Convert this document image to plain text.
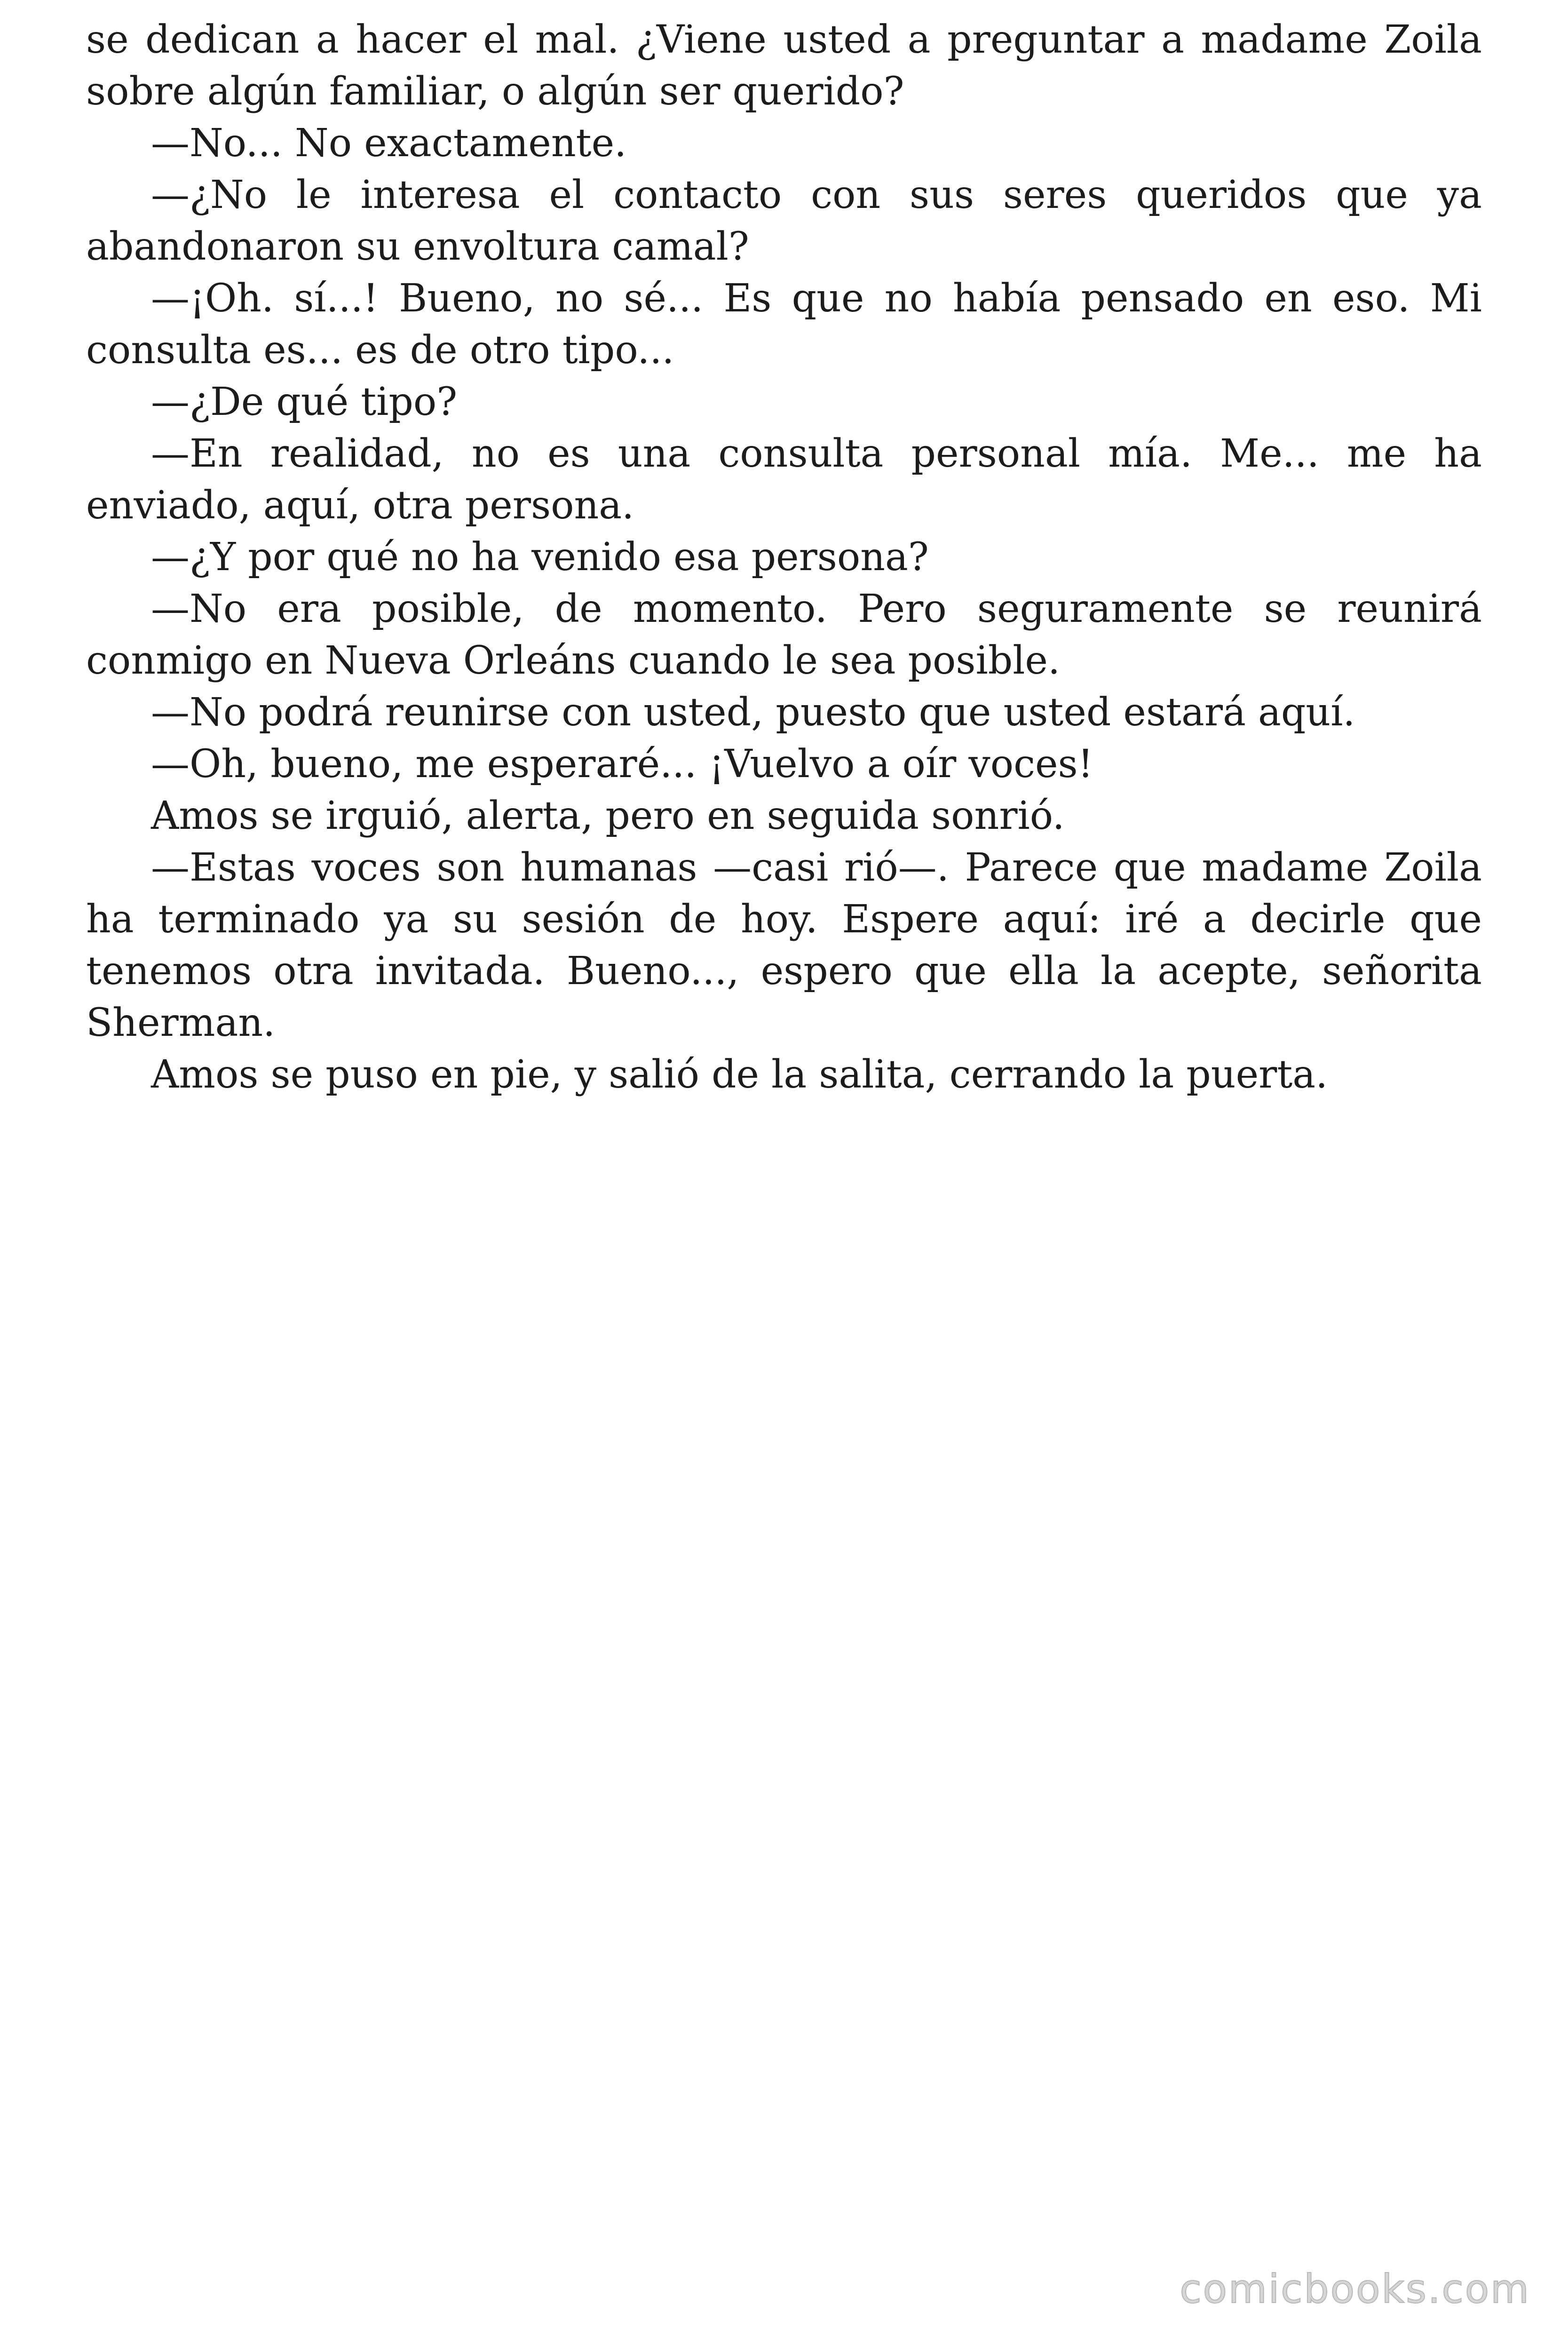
se dedican a hacer el mal. ¿Viene usted a preguntar a madame Zoila sobre algún familiar, o algún ser querido?

—No... No exactamente.

—¿No le interesa el contacto con sus seres queridos que ya abandonaron su envoltura camal?

—¡Oh. sí...! Bueno, no sé... Es que no había pensado en eso. Mi consulta es... es de otro tipo...

—¿De qué tipo?

—En realidad, no es una consulta personal mía. Me... me ha enviado, aquí, otra persona.

—¿Y por qué no ha venido esa persona?

—No era posible, de momento. Pero seguramente se reunirá conmigo en Nueva Orleáns cuando le sea posible.

—No podrá reunirse con usted, puesto que usted estará aquí.

—Oh, bueno, me esperaré... ¡Vuelvo a oír voces!

Amos se irguió, alerta, pero en seguida sonrió.

—Estas voces son humanas —casi rió—. Parece que madame Zoila ha terminado ya su sesión de hoy. Espere aquí: iré a decirle que tenemos otra invitada. Bueno..., espero que ella la acepte, señorita Sherman.

Amos se puso en pie, y salió de la salita, cerrando la puerta.

comicbooks.com
